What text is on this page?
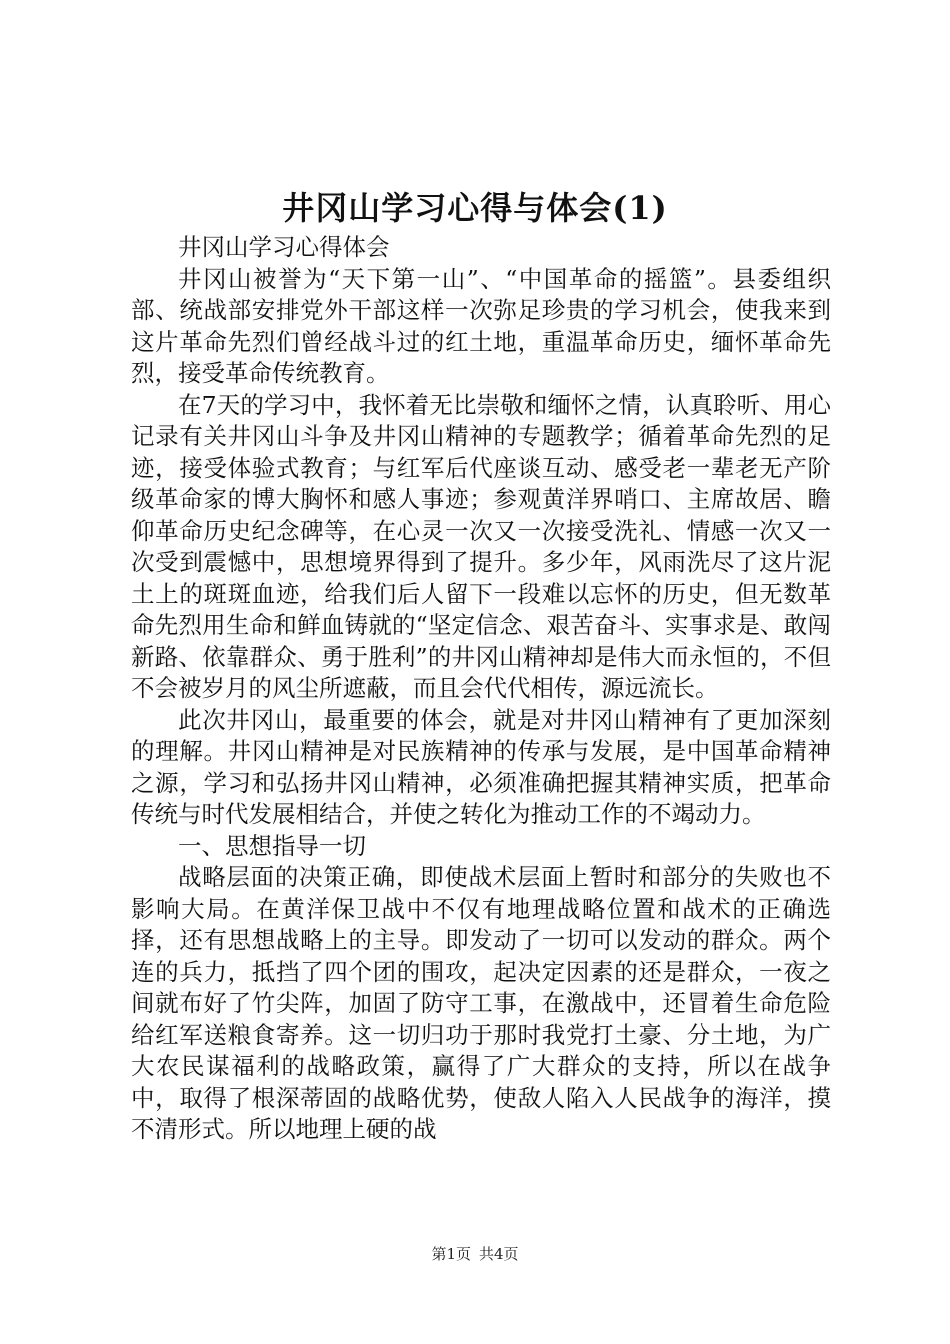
井冈山学习心得与体会(1)

井冈山学习心得体会

井冈山被誉为“天下第一山”、“中国革命的摇篮”。县委组织部、统战部安排党外干部这样一次弥足珍贵的学习机会，使我来到这片革命先烈们曾经战斗过的红土地，重温革命历史，缅怀革命先烈，接受革命传统教育。

在7天的学习中，我怀着无比崇敬和缅怀之情，认真聆听、用心记录有关井冈山斗争及井冈山精神的专题教学；循着革命先烈的足迹，接受体验式教育；与红军后代座谈互动、感受老一辈老无产阶级革命家的博大胸怀和感人事迹；参观黄洋界哨口、主席故居、瞻仰革命历史纪念碑等，在心灵一次又一次接受洗礼、情感一次又一次受到震憾中，思想境界得到了提升。多少年，风雨洗尽了这片泥土上的斑斑血迹，给我们后人留下一段难以忘怀的历史，但无数革命先烈用生命和鲜血铸就的“坚定信念、艰苦奋斗、实事求是、敢闯新路、依靠群众、勇于胜利”的井冈山精神却是伟大而永恒的，不但不会被岁月的风尘所遮蔽，而且会代代相传，源远流长。

此次井冈山，最重要的体会，就是对井冈山精神有了更加深刻的理解。井冈山精神是对民族精神的传承与发展，是中国革命精神之源，学习和弘扬井冈山精神，必须准确把握其精神实质，把革命传统与时代发展相结合，并使之转化为推动工作的不竭动力。

一、思想指导一切

战略层面的决策正确，即使战术层面上暂时和部分的失败也不影响大局。在黄洋保卫战中不仅有地理战略位置和战术的正确选择，还有思想战略上的主导。即发动了一切可以发动的群众。两个连的兵力，抵挡了四个团的围攻，起决定因素的还是群众，一夜之间就布好了竹尖阵，加固了防守工事，在激战中，还冒着生命危险给红军送粮食寄养。这一切归功于那时我党打土豪、分土地，为广大农民谋福利的战略政策，赢得了广大群众的支持，所以在战争中，取得了根深蒂固的战略优势，使敌人陷入人民战争的海洋，摸不清形式。所以地理上硬的战

第1页 共4页
